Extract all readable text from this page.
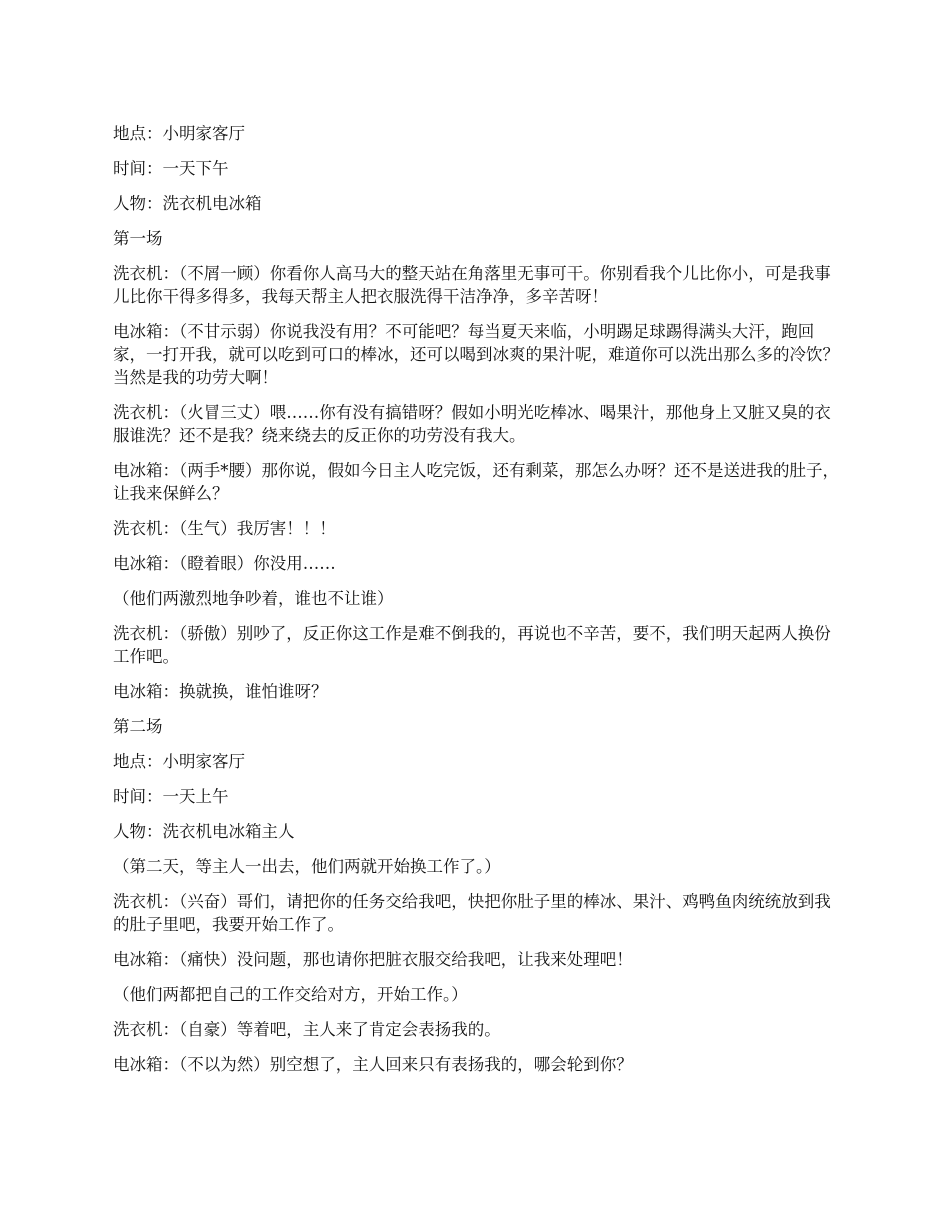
地点：小明家客厅

时间：一天下午

人物：洗衣机电冰箱

第一场

洗衣机：（不屑一顾）你看你人高马大的整天站在角落里无事可干。你别看我个儿比你小，可是我事儿比你干得多得多，我每天帮主人把衣服洗得干洁净净，多辛苦呀！

电冰箱：（不甘示弱）你说我没有用？不可能吧？每当夏天来临，小明踢足球踢得满头大汗，跑回家，一打开我，就可以吃到可口的棒冰，还可以喝到冰爽的果汁呢，难道你可以洗出那么多的冷饮？当然是我的功劳大啊！

洗衣机：（火冒三丈）喂……你有没有搞错呀？假如小明光吃棒冰、喝果汁，那他身上又脏又臭的衣服谁洗？还不是我？绕来绕去的反正你的功劳没有我大。

电冰箱：（两手*腰）那你说，假如今日主人吃完饭，还有剩菜，那怎么办呀？还不是送进我的肚子，让我来保鲜么？

洗衣机：（生气）我厉害！！！

电冰箱：（瞪着眼）你没用……

（他们两激烈地争吵着，谁也不让谁）

洗衣机：（骄傲）别吵了，反正你这工作是难不倒我的，再说也不辛苦，要不，我们明天起两人换份工作吧。

电冰箱：换就换，谁怕谁呀？

第二场

地点：小明家客厅

时间：一天上午

人物：洗衣机电冰箱主人

（第二天，等主人一出去，他们两就开始换工作了。）

洗衣机：（兴奋）哥们，请把你的任务交给我吧，快把你肚子里的棒冰、果汁、鸡鸭鱼肉统统放到我的肚子里吧，我要开始工作了。

电冰箱：（痛快）没问题，那也请你把脏衣服交给我吧，让我来处理吧！

（他们两都把自己的工作交给对方，开始工作。）

洗衣机：（自豪）等着吧，主人来了肯定会表扬我的。

电冰箱：（不以为然）别空想了，主人回来只有表扬我的，哪会轮到你？
